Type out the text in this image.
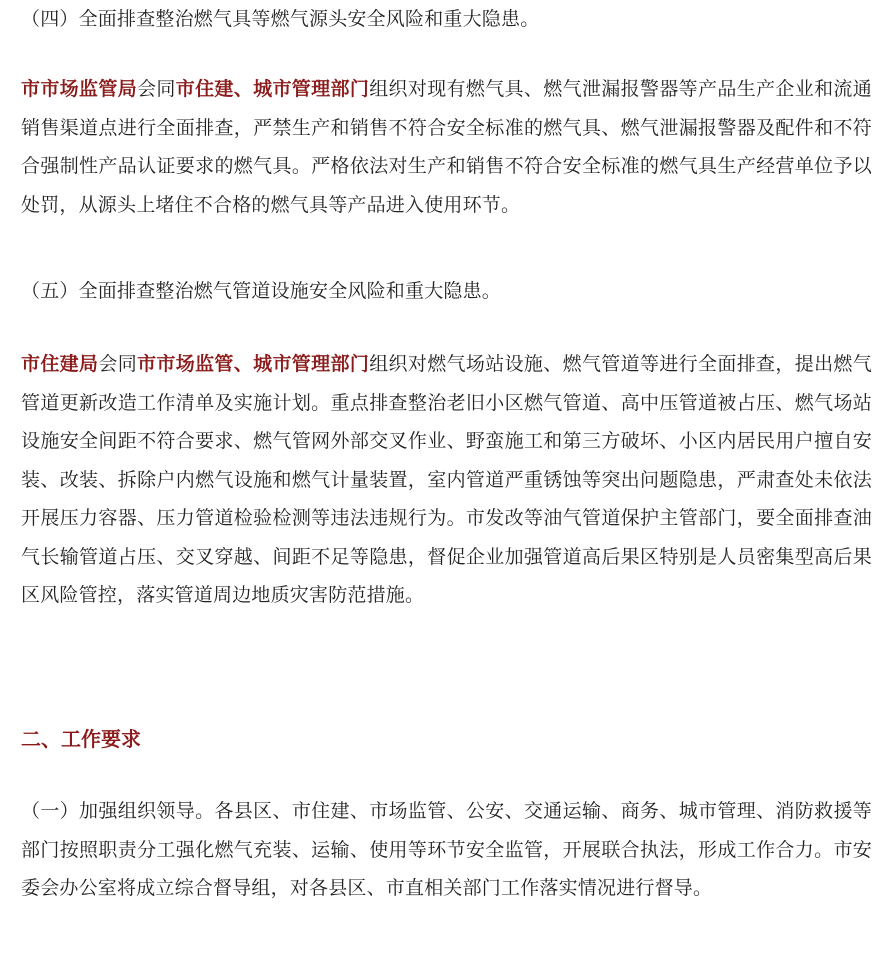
（四）全面排查整治燃气具等燃气源头安全风险和重大隐患。

市市场监管局会同市住建、城市管理部门组织对现有燃气具、燃气泄漏报警器等产品生产企业和流通销售渠道点进行全面排查，严禁生产和销售不符合安全标准的燃气具、燃气泄漏报警器及配件和不符合强制性产品认证要求的燃气具。严格依法对生产和销售不符合安全标准的燃气具生产经营单位予以处罚，从源头上堵住不合格的燃气具等产品进入使用环节。

（五）全面排查整治燃气管道设施安全风险和重大隐患。

市住建局会同市市场监管、城市管理部门组织对燃气场站设施、燃气管道等进行全面排查，提出燃气管道更新改造工作清单及实施计划。重点排查整治老旧小区燃气管道、高中压管道被占压、燃气场站设施安全间距不符合要求、燃气管网外部交叉作业、野蛮施工和第三方破坏、小区内居民用户擅自安装、改装、拆除户内燃气设施和燃气计量装置，室内管道严重锈蚀等突出问题隐患，严肃查处未依法开展压力容器、压力管道检验检测等违法违规行为。市发改等油气管道保护主管部门，要全面排查油气长输管道占压、交叉穿越、间距不足等隐患，督促企业加强管道高后果区特别是人员密集型高后果区风险管控，落实管道周边地质灾害防范措施。

二、工作要求

（一）加强组织领导。各县区、市住建、市场监管、公安、交通运输、商务、城市管理、消防救援等部门按照职责分工强化燃气充装、运输、使用等环节安全监管，开展联合执法，形成工作合力。市安委会办公室将成立综合督导组，对各县区、市直相关部门工作落实情况进行督导。
